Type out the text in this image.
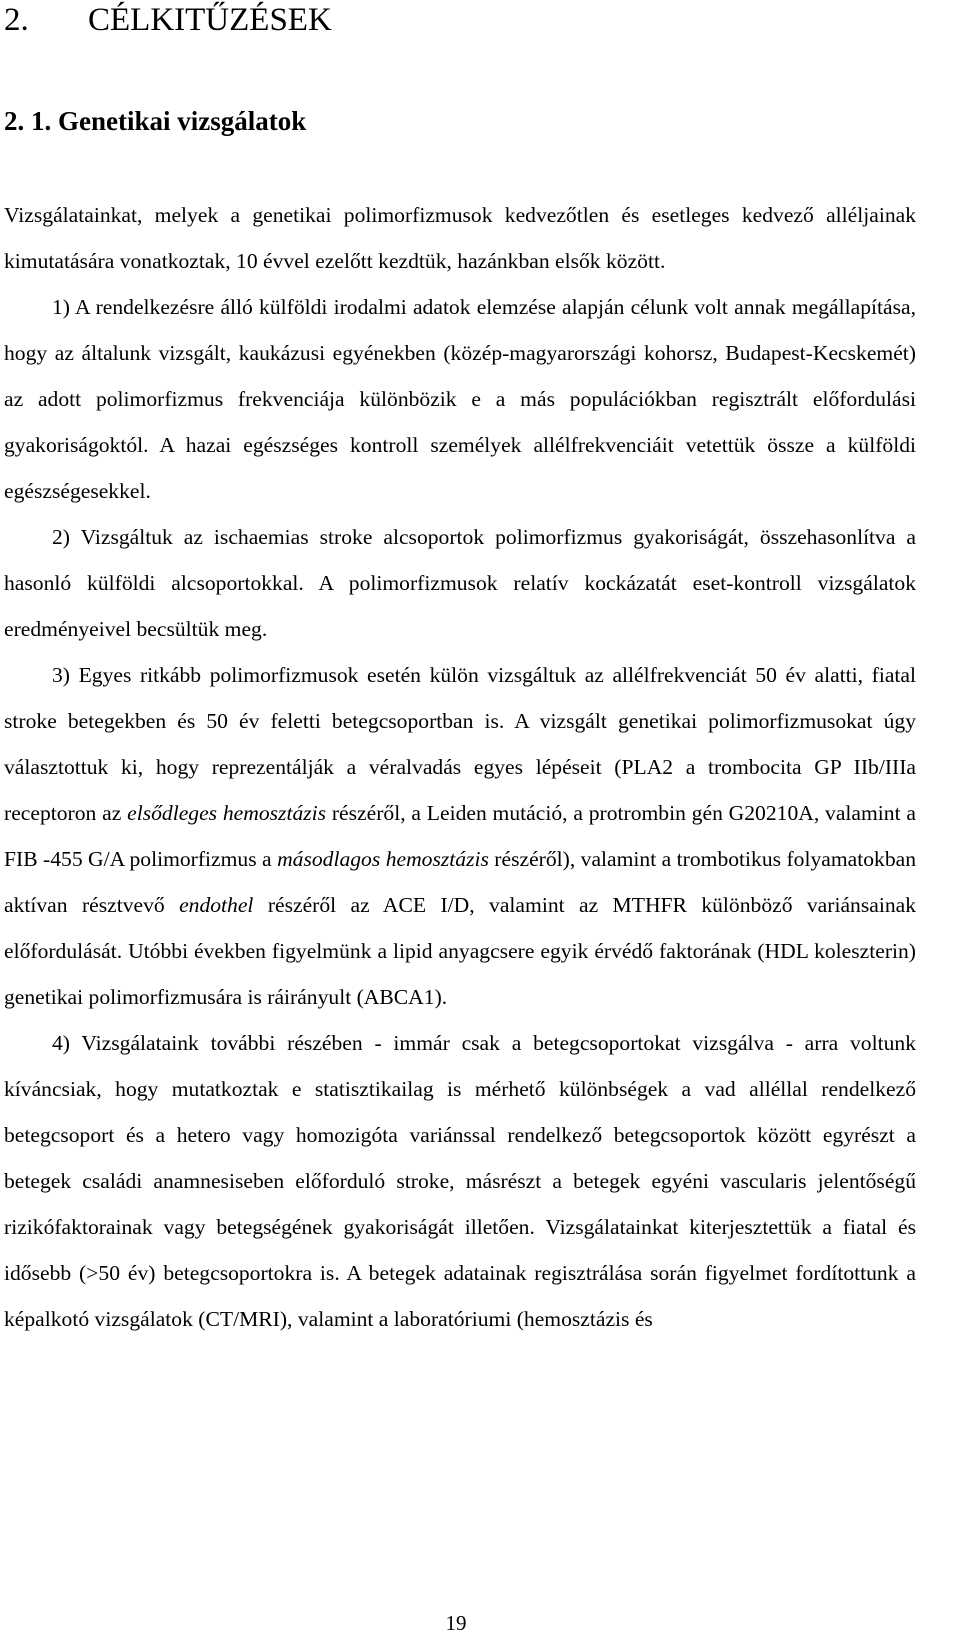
2. CÉLKITŰZÉSEK
2. 1. Genetikai vizsgálatok

Vizsgálatainkat, melyek a genetikai polimorfizmusok kedvezőtlen és esetleges kedvező alléljainak kimutatására vonatkoztak, 10 évvel ezelőtt kezdtük, hazánkban elsők között.

1) A rendelkezésre álló külföldi irodalmi adatok elemzése alapján célunk volt annak megállapítása, hogy az általunk vizsgált, kaukázusi egyénekben (közép-magyarországi kohorsz, Budapest-Kecskemét) az adott polimorfizmus frekvenciája különbözik e a más populációkban regisztrált előfordulási gyakoriságoktól. A hazai egészséges kontroll személyek allélfrekvenciáit vetettük össze a külföldi egészségesekkel.

2) Vizsgáltuk az ischaemias stroke alcsoportok polimorfizmus gyakoriságát, összehasonlítva a hasonló külföldi alcsoportokkal. A polimorfizmusok relatív kockázatát eset-kontroll vizsgálatok eredményeivel becsültük meg.

3) Egyes ritkább polimorfizmusok esetén külön vizsgáltuk az allélfrekvenciát 50 év alatti, fiatal stroke betegekben és 50 év feletti betegcsoportban is. A vizsgált genetikai polimorfizmusokat úgy választottuk ki, hogy reprezentálják a véralvadás egyes lépéseit (PLA2 a trombocita GP IIb/IIIa receptoron az elsődleges hemosztázis részéről, a Leiden mutáció, a protrombin gén G20210A, valamint a FIB -455 G/A polimorfizmus a másodlagos hemosztázis részéről), valamint a trombotikus folyamatokban aktívan résztvevő endothel részéről az ACE I/D, valamint az MTHFR különböző variánsainak előfordulását. Utóbbi években figyelmünk a lipid anyagcsere egyik érvédő faktorának (HDL koleszterin) genetikai polimorfizmusára is ráirányult (ABCA1).

4) Vizsgálataink további részében - immár csak a betegcsoportokat vizsgálva - arra voltunk kíváncsiak, hogy mutatkoztak e statisztikailag is mérhető különbségek a vad alléllal rendelkező betegcsoport és a hetero vagy homozigóta variánssal rendelkező betegcsoportok között egyrészt a betegek családi anamnesiseben előforduló stroke, másrészt a betegek egyéni vascularis jelentőségű rizikófaktorainak vagy betegségének gyakoriságát illetően. Vizsgálatainkat kiterjesztettük a fiatal és idősebb (>50 év) betegcsoportokra is. A betegek adatainak regisztrálása során figyelmet fordítottunk a képalkotó vizsgálatok (CT/MRI), valamint a laboratóriumi (hemosztázis és

19
